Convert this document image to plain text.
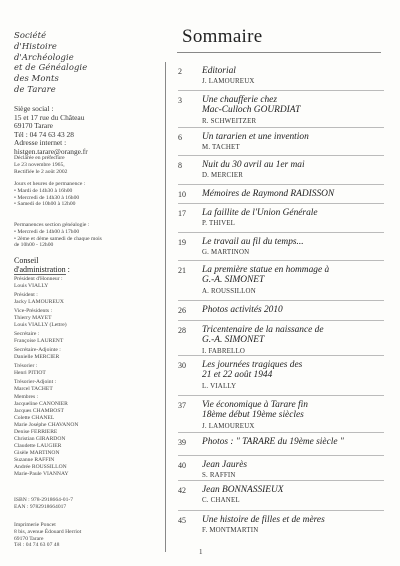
Société
d'Histoire
d'Archéologie
et de Généalogie
des Monts
de Tarare
Siège social :
15 et 17 rue du Château
69170 Tarare
Tél : 04 74 63 43 28
Adresse internet :
histgen.tarare@orange.fr
Déclarée en préfecture
Le 23 novembre 1965,
Rectifiée le 2 août 2002
Jours et heures de permanence :
• Mardi de 14h30 à 16h00
• Mercredi de 14h30 à 16h00
• Samedi de 10h00 à 12h00
Permanences section généalogie :
• Mercredi de 14h00 à 17h00
• 2ème et 4ème samedi de chaque mois
de 10h00 - 12h00
Conseil
d'administration :
Président d'Honneur :
Louis VIALLY
Président :
Jacky LAMOUREUX
Vice-Présidents :
Thierry MAYET
Louis VIALLY (Lettre)
Secrétaire :
Françoise LAURENT
Secrétaire-Adjointe :
Danielle MERCIER
Trésorier :
Henri PITIOT
Trésorier-Adjoint :
Marcel TACHET
Membres :
Jacqueline CANONIER
Jacques CHAMBOST
Colette CHANEL
Marie Joséphe CHAVANON
Denise FERRIERE
Christian GIRARDON
Claudette LAUGIER
Gisèle MARTINON
Suzanne RAFFIN
Andrée ROUSSILLON
Marie-Paule VIANNAY
ISBN : 978-2918664-01-7
EAN : 9782918664017
Imprimerie Poncet
8 bis, avenue Édouard Herriot
69170 Tarare
Tél : 04 74 63 07 48
Sommaire
2	Editorial
J. LAMOUREUX
3	Une chaufferie chez
Mac-Culloch GOURDIAT
R. SCHWEITZER
6	Un tararien et une invention
M. TACHET
8	Nuit du 30 avril au 1er mai
D. MERCIER
10	Mémoires de Raymond RADISSON
17	La faillite de l'Union Générale
P. THIVEL
19	Le travail au fil du temps...
G. MARTINON
21	La première statue en hommage à
G.-A. SIMONET
A. ROUSSILLON
26	Photos activités 2010
28	Tricentenaire de la naissance de
G.-A. SIMONET
I. FABRELLO
30	Les journées tragiques des
21 et 22 août 1944
L. VIALLY
37	Vie économique à Tarare fin
18ème début 19ème siècles
J. LAMOUREUX
39	Photos : " TARARE du 19ème siècle "
40	Jean Jaurès
S. RAFFIN
42	Jean BONNASSIEUX
C. CHANEL
45	Une histoire de filles et de mères
F. MONTMARTIN
1
